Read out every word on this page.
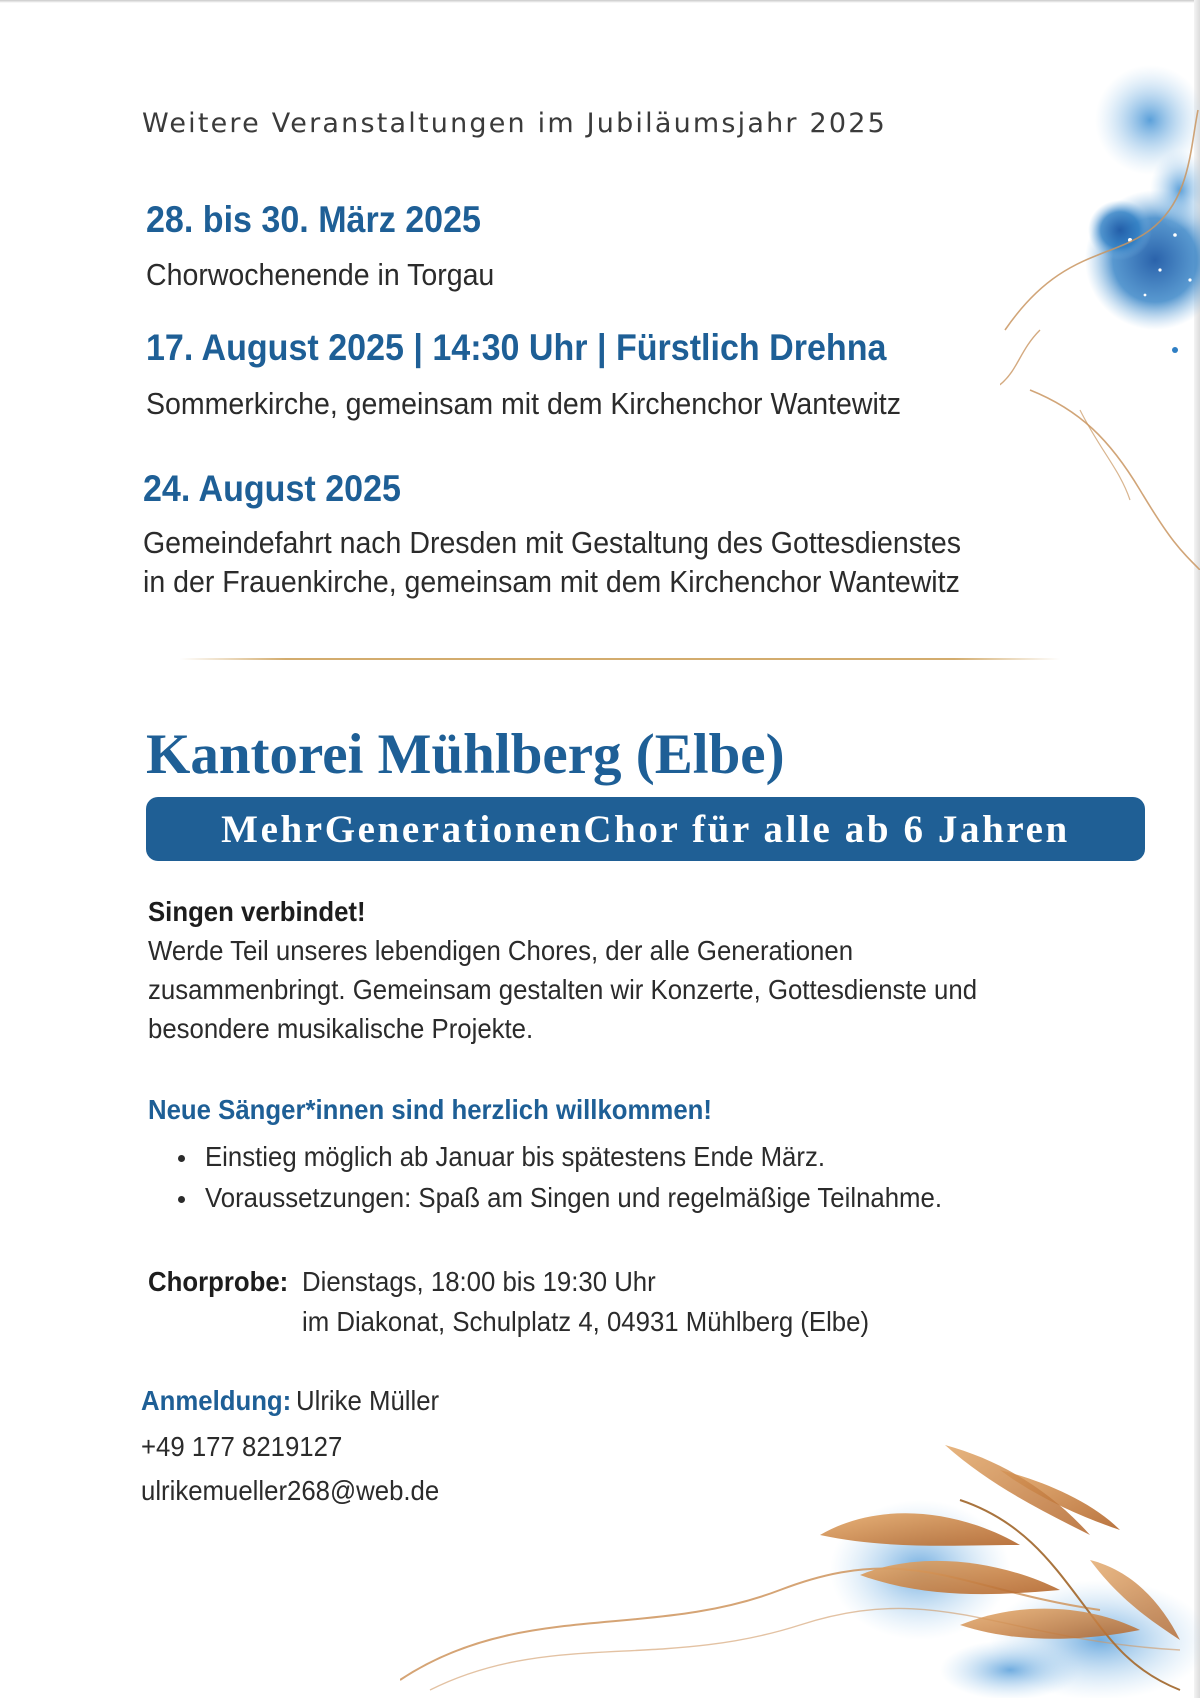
Weitere Veranstaltungen im Jubiläumsjahr 2025
28. bis 30. März 2025
Chorwochenende in Torgau
17. August 2025 | 14:30 Uhr | Fürstlich Drehna
Sommerkirche, gemeinsam mit dem Kirchenchor Wantewitz
24. August 2025
Gemeindefahrt nach Dresden mit Gestaltung des Gottesdienstes
in der Frauenkirche, gemeinsam mit dem Kirchenchor Wantewitz
Kantorei Mühlberg (Elbe)
MehrGenerationenChor für alle ab 6 Jahren
Singen verbindet!
Werde Teil unseres lebendigen Chores, der alle Generationen
zusammenbringt. Gemeinsam gestalten wir Konzerte, Gottesdienste und
besondere musikalische Projekte.
Neue Sänger*innen sind herzlich willkommen!
Einstieg möglich ab Januar bis spätestens Ende März.
Voraussetzungen: Spaß am Singen und regelmäßige Teilnahme.
Chorprobe: Dienstags, 18:00 bis 19:30 Uhr
im Diakonat, Schulplatz 4, 04931 Mühlberg (Elbe)
Anmeldung: Ulrike Müller
+49 177 8219127
ulrikemueller268@web.de
